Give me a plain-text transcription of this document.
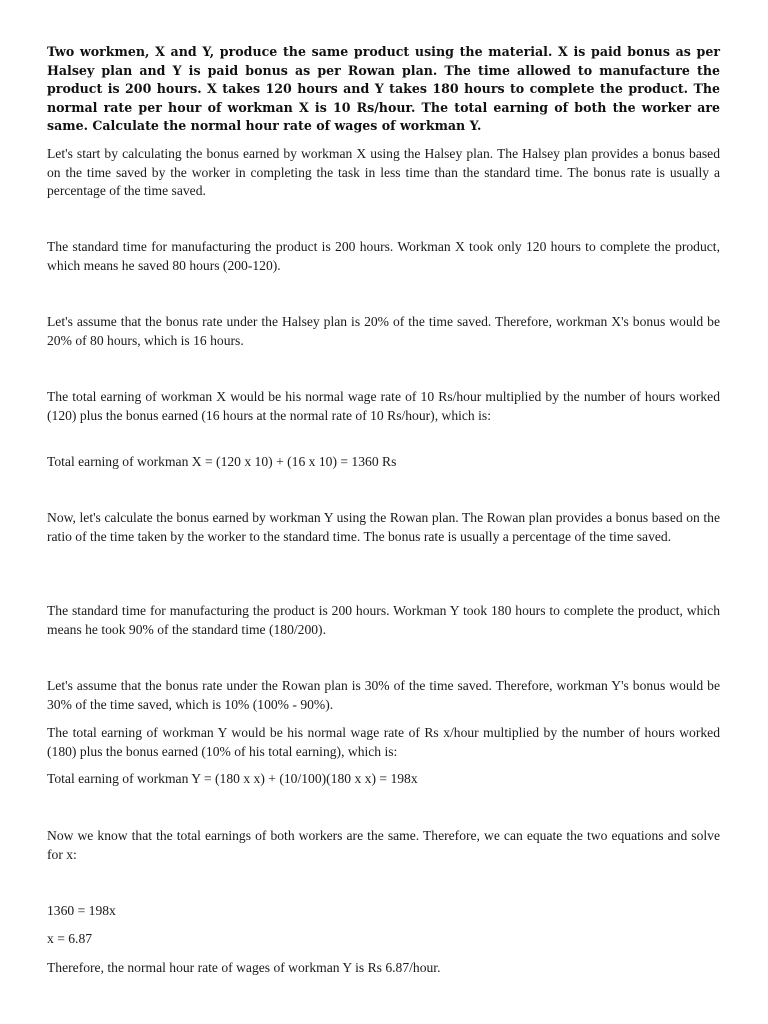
Two workmen, X and Y, produce the same product using the material. X is paid bonus as per Halsey plan and Y is paid bonus as per Rowan plan. The time allowed to manufacture the product is 200 hours. X takes 120 hours and Y takes 180 hours to complete the product. The normal rate per hour of workman X is 10 Rs/hour. The total earning of both the worker are same. Calculate the normal hour rate of wages of workman Y.

Let's start by calculating the bonus earned by workman X using the Halsey plan. The Halsey plan provides a bonus based on the time saved by the worker in completing the task in less time than the standard time. The bonus rate is usually a percentage of the time saved.

The standard time for manufacturing the product is 200 hours. Workman X took only 120 hours to complete the product, which means he saved 80 hours (200-120).

Let's assume that the bonus rate under the Halsey plan is 20% of the time saved. Therefore, workman X's bonus would be 20% of 80 hours, which is 16 hours.

The total earning of workman X would be his normal wage rate of 10 Rs/hour multiplied by the number of hours worked (120) plus the bonus earned (16 hours at the normal rate of 10 Rs/hour), which is:

Total earning of workman X = (120 x 10) + (16 x 10) = 1360 Rs

Now, let's calculate the bonus earned by workman Y using the Rowan plan. The Rowan plan provides a bonus based on the ratio of the time taken by the worker to the standard time. The bonus rate is usually a percentage of the time saved.

The standard time for manufacturing the product is 200 hours. Workman Y took 180 hours to complete the product, which means he took 90% of the standard time (180/200).

Let's assume that the bonus rate under the Rowan plan is 30% of the time saved. Therefore, workman Y's bonus would be 30% of the time saved, which is 10% (100% - 90%).

The total earning of workman Y would be his normal wage rate of Rs x/hour multiplied by the number of hours worked (180) plus the bonus earned (10% of his total earning), which is:

Total earning of workman Y = (180 x x) + (10/100)(180 x x) = 198x

Now we know that the total earnings of both workers are the same. Therefore, we can equate the two equations and solve for x:

1360 = 198x

x = 6.87

Therefore, the normal hour rate of wages of workman Y is Rs 6.87/hour.
